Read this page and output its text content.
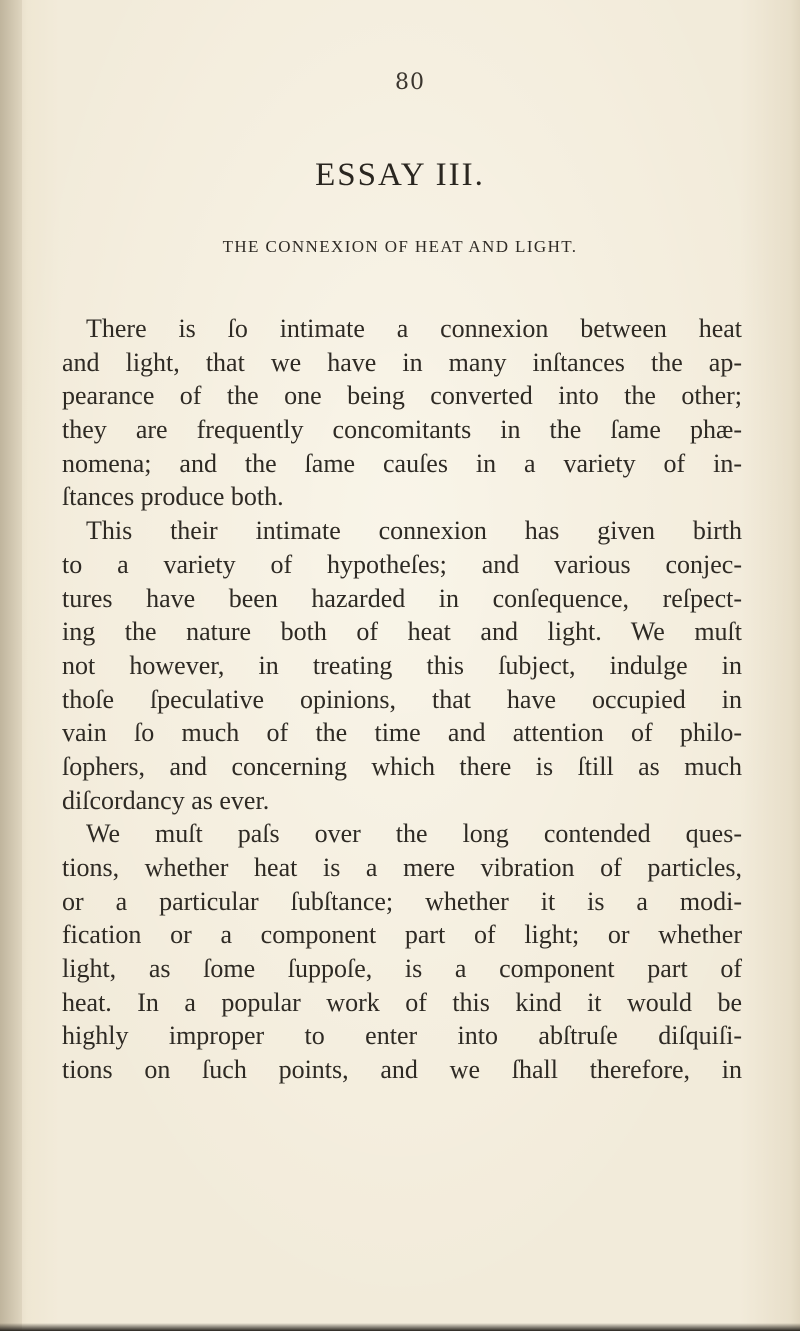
80
ESSAY III.
THE CONNEXION OF HEAT AND LIGHT.
There is ſo intimate a connexion between heat
and light, that we have in many inſtances the ap-
pearance of the one being converted into the other;
they are frequently concomitants in the ſame phæ-
nomena; and the ſame cauſes in a variety of in-
ſtances produce both.
This their intimate connexion has given birth
to a variety of hypotheſes; and various conjec-
tures have been hazarded in conſequence, reſpect-
ing the nature both of heat and light. We muſt
not however, in treating this ſubject, indulge in
thoſe ſpeculative opinions, that have occupied in
vain ſo much of the time and attention of philo-
ſophers, and concerning which there is ſtill as much
diſcordancy as ever.
We muſt paſs over the long contended ques-
tions, whether heat is a mere vibration of particles,
or a particular ſubſtance; whether it is a modi-
fication or a component part of light; or whether
light, as ſome ſuppoſe, is a component part of
heat. In a popular work of this kind it would be
highly improper to enter into abſtruſe diſquiſi-
tions on ſuch points, and we ſhall therefore, in
